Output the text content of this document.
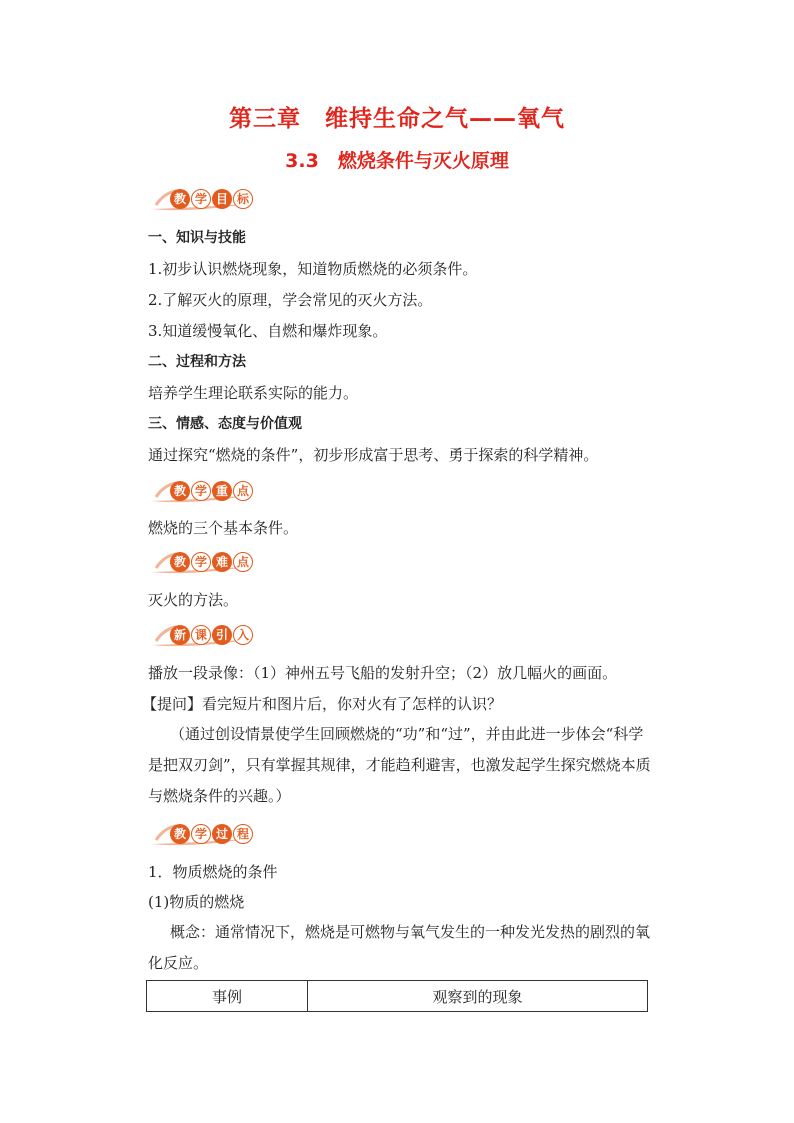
第三章　维持生命之气——氧气
3.3　燃烧条件与灭火原理
教 学 目 标
一、知识与技能
1.初步认识燃烧现象，知道物质燃烧的必须条件。
2.了解灭火的原理，学会常见的灭火方法。
3.知道缓慢氧化、自燃和爆炸现象。
二、过程和方法
培养学生理论联系实际的能力。
三、情感、态度与价值观
通过探究“燃烧的条件”，初步形成富于思考、勇于探索的科学精神。
教 学 重 点
燃烧的三个基本条件。
教 学 难 点
灭火的方法。
新 课 引 入
播放一段录像：（1）神州五号飞船的发射升空；（2）放几幅火的画面。
【提问】看完短片和图片后，你对火有了怎样的认识？
（通过创设情景使学生回顾燃烧的“功”和“过”，并由此进一步体会“科学是把双刃剑”，只有掌握其规律，才能趋利避害，也激发起学生探究燃烧本质与燃烧条件的兴趣。）
教 学 过 程
1．物质燃烧的条件
(1)物质的燃烧
概念：通常情况下，燃烧是可燃物与氧气发生的一种发光发热的剧烈的氧化反应。
事例	观察到的现象
